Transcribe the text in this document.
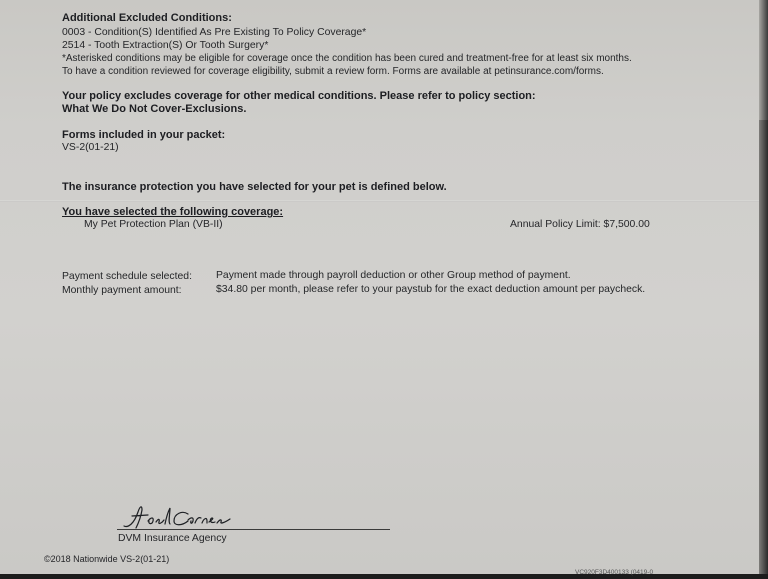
Additional Excluded Conditions:
0003 - Condition(S) Identified As Pre Existing To Policy Coverage*
2514 - Tooth Extraction(S) Or Tooth Surgery*
*Asterisked conditions may be eligible for coverage once the condition has been cured and treatment-free for at least six months.
To have a condition reviewed for coverage eligibility, submit a review form. Forms are available at petinsurance.com/forms.
Your policy excludes coverage for other medical conditions. Please refer to policy section:
What We Do Not Cover-Exclusions.
Forms included in your packet:
VS-2(01-21)
The insurance protection you have selected for your pet is defined below.
You have selected the following coverage:
My Pet Protection Plan (VB-II)	Annual Policy Limit: $7,500.00
Payment schedule selected: Payment made through payroll deduction or other Group method of payment.
Monthly payment amount:	$34.80 per month, please refer to your paystub for the exact deduction amount per paycheck.
DVM Insurance Agency
©2018 Nationwide VS-2(01-21)
VC920F3D400133 (0419-0
